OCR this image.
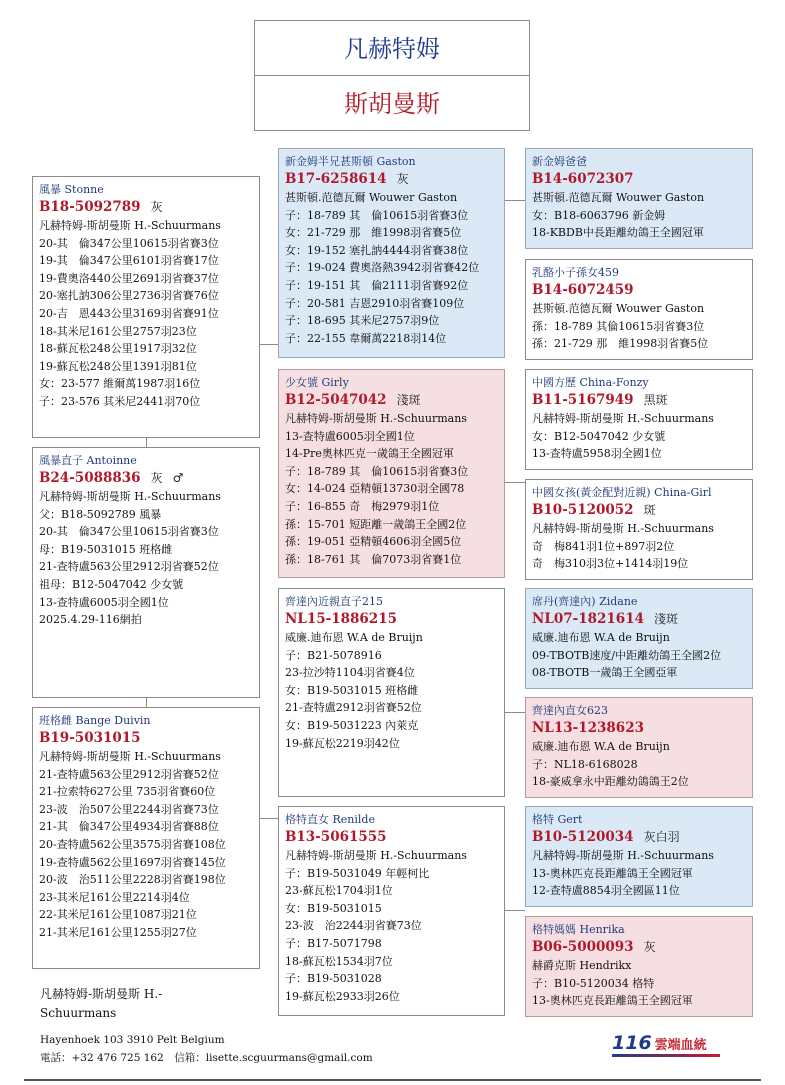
凡赫特姆
斯胡曼斯
風暴 Stonne
B18-5092789 灰
凡赫特姆-斯胡曼斯 H.-Schuurmans
20-其　倫347公里10615羽省賽3位
19-其　倫347公里6101羽省賽17位
19-費奧洛440公里2691羽省賽37位
20-塞扎訥306公里2736羽省賽76位
20-吉　恩443公里3169羽省賽91位
18-其米尼161公里2757羽23位
18-蘇瓦松248公里1917羽32位
19-蘇瓦松248公里1391羽81位
女：23-577 維爾萬1987羽16位
子：23-576 其米尼2441羽70位
風暴直子 Antoinne
B24-5088836 灰 ♂
凡赫特姆-斯胡曼斯 H.-Schuurmans
父：B18-5092789 風暴
20-其　倫347公里10615羽省賽3位
母：B19-5031015 班格雌
21-查特盧563公里2912羽省賽52位
祖母：B12-5047042 少女號
13-查特盧6005羽全國1位
2025.4.29-116網拍
班格雌 Bange Duivin
B19-5031015
凡赫特姆-斯胡曼斯 H.-Schuurmans
21-查特盧563公里2912羽省賽52位
21-拉索特627公里 735羽省賽60位
23-波　治507公里2244羽省賽73位
21-其　倫347公里4934羽省賽88位
20-查特盧562公里3575羽省賽108位
19-查特盧562公里1697羽省賽145位
20-波　治511公里2228羽省賽198位
23-其米尼161公里2214羽4位
22-其米尼161公里1087羽21位
21-其米尼161公里1255羽27位
新金姆半兄甚斯頓 Gaston
B17-6258614 灰
甚斯頓.范德瓦爾 Wouwer Gaston
子：18-789 其　倫10615羽省賽3位
女：21-729 那　維1998羽省賽5位
女：19-152 塞扎訥4444羽省賽38位
子：19-024 費奧洛熱3942羽省賽42位
子：19-151 其　倫2111羽省賽92位
子：20-581 吉恩2910羽省賽109位
子：18-695 其米尼2757羽9位
子：22-155 韋爾萬2218羽14位
少女號 Girly
B12-5047042 淺斑
凡赫特姆-斯胡曼斯 H.-Schuurmans
13-查特盧6005羽全國1位
14-Pre奧林匹克一歲鴿王全國冠軍
子：18-789 其　倫10615羽省賽3位
女：14-024 亞精頓13730羽全國78
子：16-855 奇　梅2979羽1位
孫：15-701 短距離一歲鴿王全國2位
孫：19-051 亞精頓4606羽全國5位
孫：18-761 其　倫7073羽省賽1位
齊達內近親直子215
NL15-1886215
威廉.迪布恩 W.A de Bruijn
子：B21-5078916
23-拉沙特1104羽省賽4位
女：B19-5031015 班格雌
21-查特盧2912羽省賽52位
女：B19-5031223 內萊克
19-蘇瓦松2219羽42位
格特直女 Renilde
B13-5061555
凡赫特姆-斯胡曼斯 H.-Schuurmans
子：B19-5031049 年輕柯比
23-蘇瓦松1704羽1位
女：B19-5031015
23-波　治2244羽省賽73位
子：B17-5071798
18-蘇瓦松1534羽7位
子：B19-5031028
19-蘇瓦松2933羽26位
新金姆爸爸
B14-6072307
甚斯頓.范德瓦爾 Wouwer Gaston
女：B18-6063796 新金姆
18-KBDB中長距離幼鴿王全國冠軍
乳酪小子孫女459
B14-6072459
甚斯頓.范德瓦爾 Wouwer Gaston
孫：18-789 其倫10615羽省賽3位
孫：21-729 那　維1998羽省賽5位
中國方歷 China-Fonzy
B11-5167949 黑斑
凡赫特姆-斯胡曼斯 H.-Schuurmans
女：B12-5047042 少女號
13-查特盧5958羽全國1位
中國女孩(黃金配對近親) China-Girl
B10-5120052 斑
凡赫特姆-斯胡曼斯 H.-Schuurmans
奇　梅841羽1位+897羽2位
奇　梅310羽3位+1414羽19位
席丹(齊達內) Zidane
NL07-1821614 淺斑
威廉.迪布恩 W.A de Bruijn
09-TBOTB速度/中距離幼鴿王全國2位
08-TBOTB一歲鴿王全國亞軍
齊達內直女623
NL13-1238623
威廉.迪布恩 W.A de Bruijn
子：NL18-6168028
18-豪威拿永中距離幼鴿鴿王2位
格特 Gert
B10-5120034 灰白羽
凡赫特姆-斯胡曼斯 H.-Schuurmans
13-奧林匹克長距離鴿王全國冠軍
12-查特盧8854羽全國區11位
格特媽媽 Henrika
B06-5000093 灰
赫爵克斯 Hendrikx
子：B10-5120034 格特
13-奧林匹克長距離鴿王全國冠軍
凡赫特姆-斯胡曼斯 H.-Schuurmans
Hayenhoek 103 3910 Pelt Belgium
電話：+32 476 725 162　信箱：lisette.scguurmans@gmail.com
116 雲端血統
